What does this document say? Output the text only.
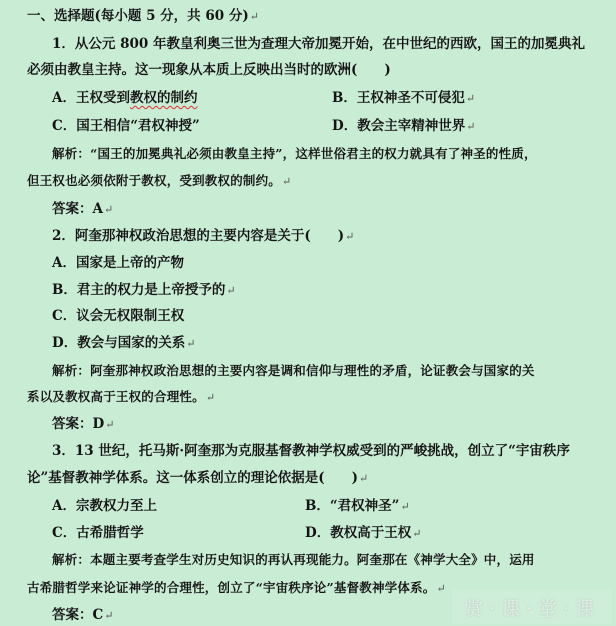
一、选择题(每小题 5 分，共 60 分)↵
1．从公元 800 年教皇利奥三世为查理大帝加冕开始，在中世纪的西欧，国王的加冕典礼
必须由教皇主持。这一现象从本质上反映出当时的欧洲(　　)
A．王权受到教权的制约	B．王权神圣不可侵犯↵
C．国王相信“君权神授”	D．教会主宰精神世界↵
解析：“国王的加冕典礼必须由教皇主持”，这样世俗君主的权力就具有了神圣的性质，
但王权也必须依附于教权，受到教权的制约。↵
答案：A↵
2．阿奎那神权政治思想的主要内容是关于(　　)↵
A．国家是上帝的产物
B．君主的权力是上帝授予的↵
C．议会无权限制王权
D．教会与国家的关系↵
解析：阿奎那神权政治思想的主要内容是调和信仰与理性的矛盾，论证教会与国家的关
系以及教权高于王权的合理性。↵
答案：D↵
3．13 世纪，托马斯·阿奎那为克服基督教神学权威受到的严峻挑战，创立了“宇宙秩序
论”基督教神学体系。这一体系创立的理论依据是(　　)↵
A．宗教权力至上	B．“君权神圣”↵
C．古希腊哲学	D．教权高于王权↵
解析：本题主要考查学生对历史知识的再认再现能力。阿奎那在《神学大全》中，运用
古希腊哲学来论证神学的合理性，创立了“宇宙秩序论”基督教神学体系。↵
答案：C↵	赏·课·堂·课
